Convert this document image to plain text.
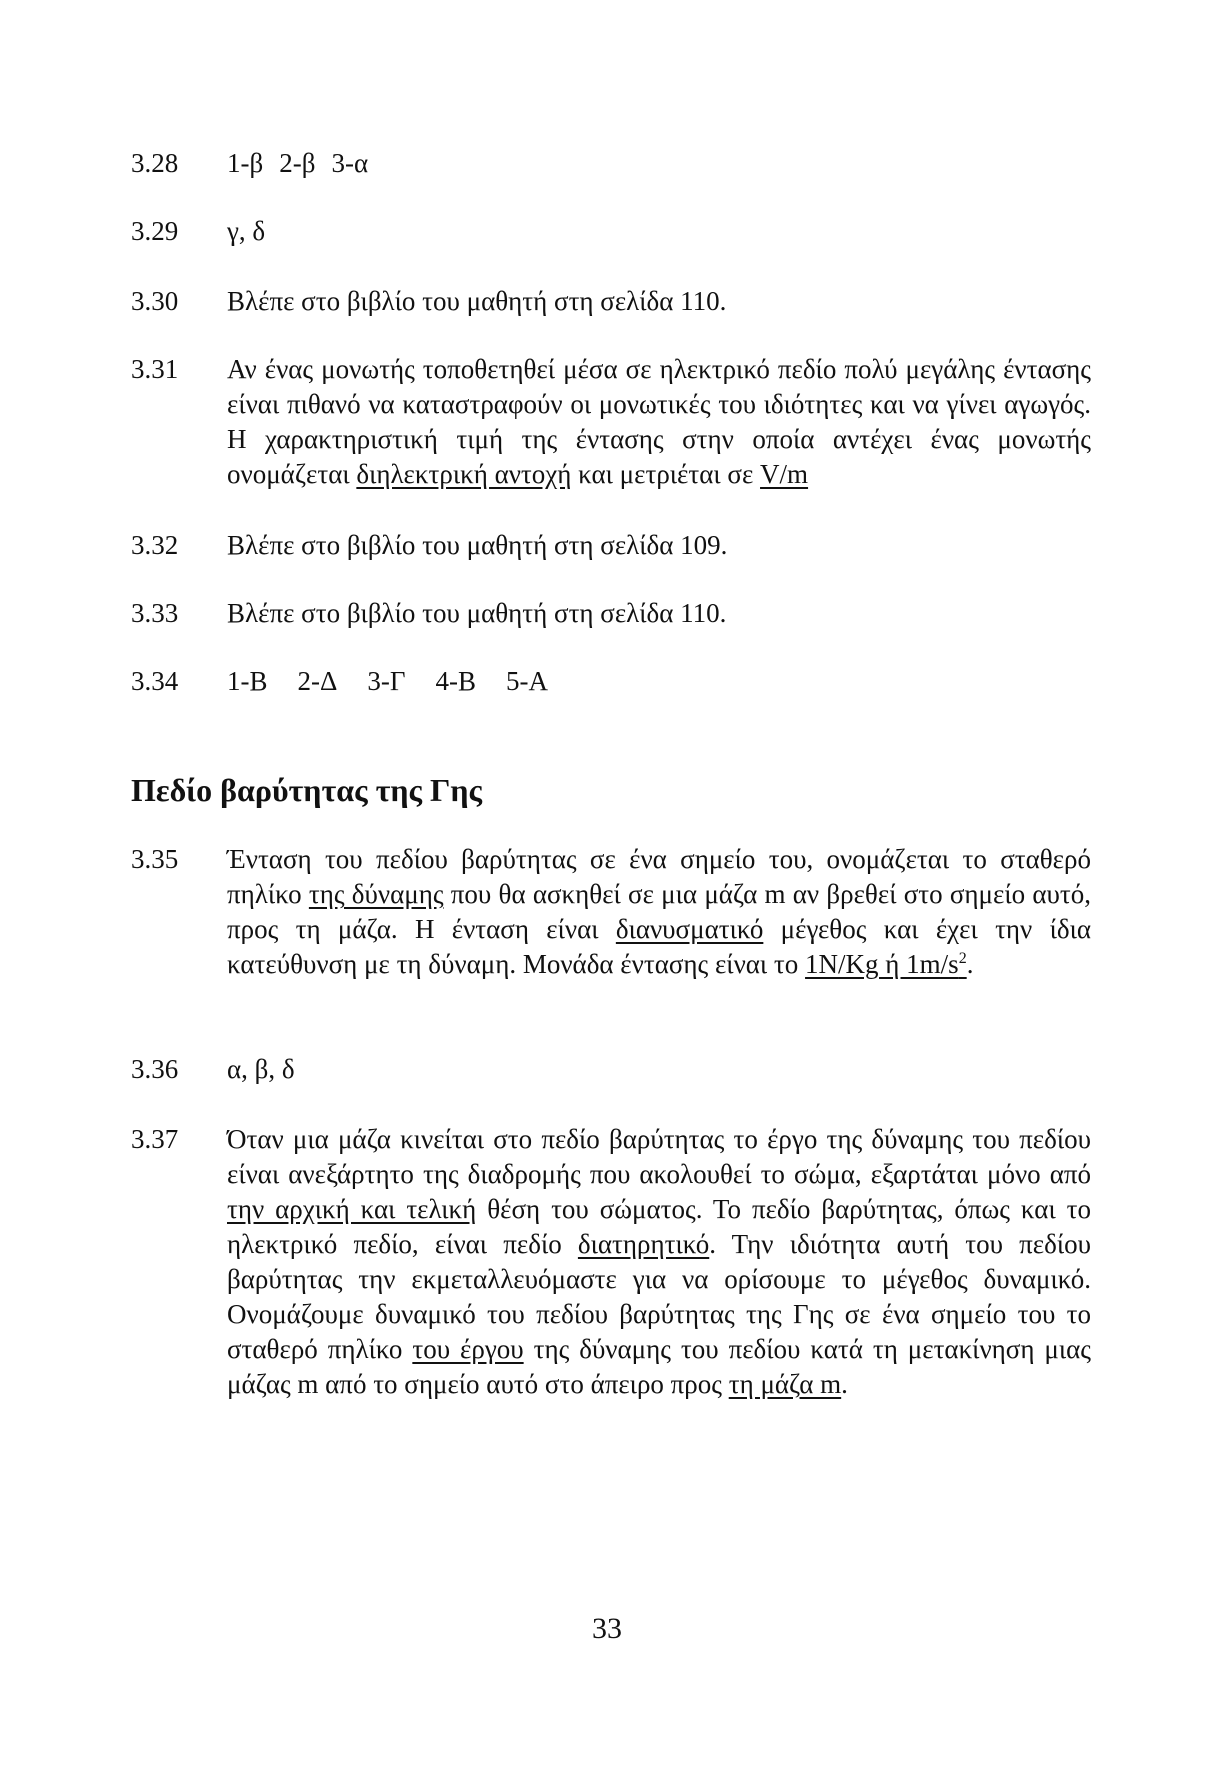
3.28	1-β 2-β 3-α
3.29	γ, δ
3.30	Βλέπε στο βιβλίο του μαθητή στη σελίδα 110.
3.31	Αν ένας μονωτής τοποθετηθεί μέσα σε ηλεκτρικό πεδίο πολύ μεγάλης έντασης είναι πιθανό να καταστραφούν οι μονωτικές του ιδιότητες και να γίνει αγωγός. Η χαρακτηριστική τιμή της έντασης στην οποία αντέχει ένας μονωτής ονομάζεται διηλεκτρική αντοχή και μετριέται σε V/m
3.32	Βλέπε στο βιβλίο του μαθητή στη σελίδα 109.
3.33	Βλέπε στο βιβλίο του μαθητή στη σελίδα 110.
3.34	1-Β 2-Δ 3-Γ 4-Β 5-Α
Πεδίο βαρύτητας της Γης
3.35	Ένταση του πεδίου βαρύτητας σε ένα σημείο του, ονομάζεται το σταθερό πηλίκο της δύναμης που θα ασκηθεί σε μια μάζα m αν βρεθεί στο σημείο αυτό, προς τη μάζα. Η ένταση είναι διανυσματικό μέγεθος και έχει την ίδια κατεύθυνση με τη δύναμη. Μονάδα έντασης είναι το 1N/Kg ή $1m/s^2$.
3.36	α, β, δ
3.37	Όταν μια μάζα κινείται στο πεδίο βαρύτητας το έργο της δύναμης του πεδίου είναι ανεξάρτητο της διαδρομής που ακολουθεί το σώμα, εξαρτάται μόνο από την αρχική και τελική θέση του σώματος. Το πεδίο βαρύτητας, όπως και το ηλεκτρικό πεδίο, είναι πεδίο διατηρητικό. Την ιδιότητα αυτή του πεδίου βαρύτητας την εκμεταλλευόμαστε για να ορίσουμε το μέγεθος δυναμικό. Ονομάζουμε δυναμικό του πεδίου βαρύτητας της Γης σε ένα σημείο του το σταθερό πηλίκο του έργου της δύναμης του πεδίου κατά τη μετακίνηση μιας μάζας m από το σημείο αυτό στο άπειρο προς τη μάζα m.
33
